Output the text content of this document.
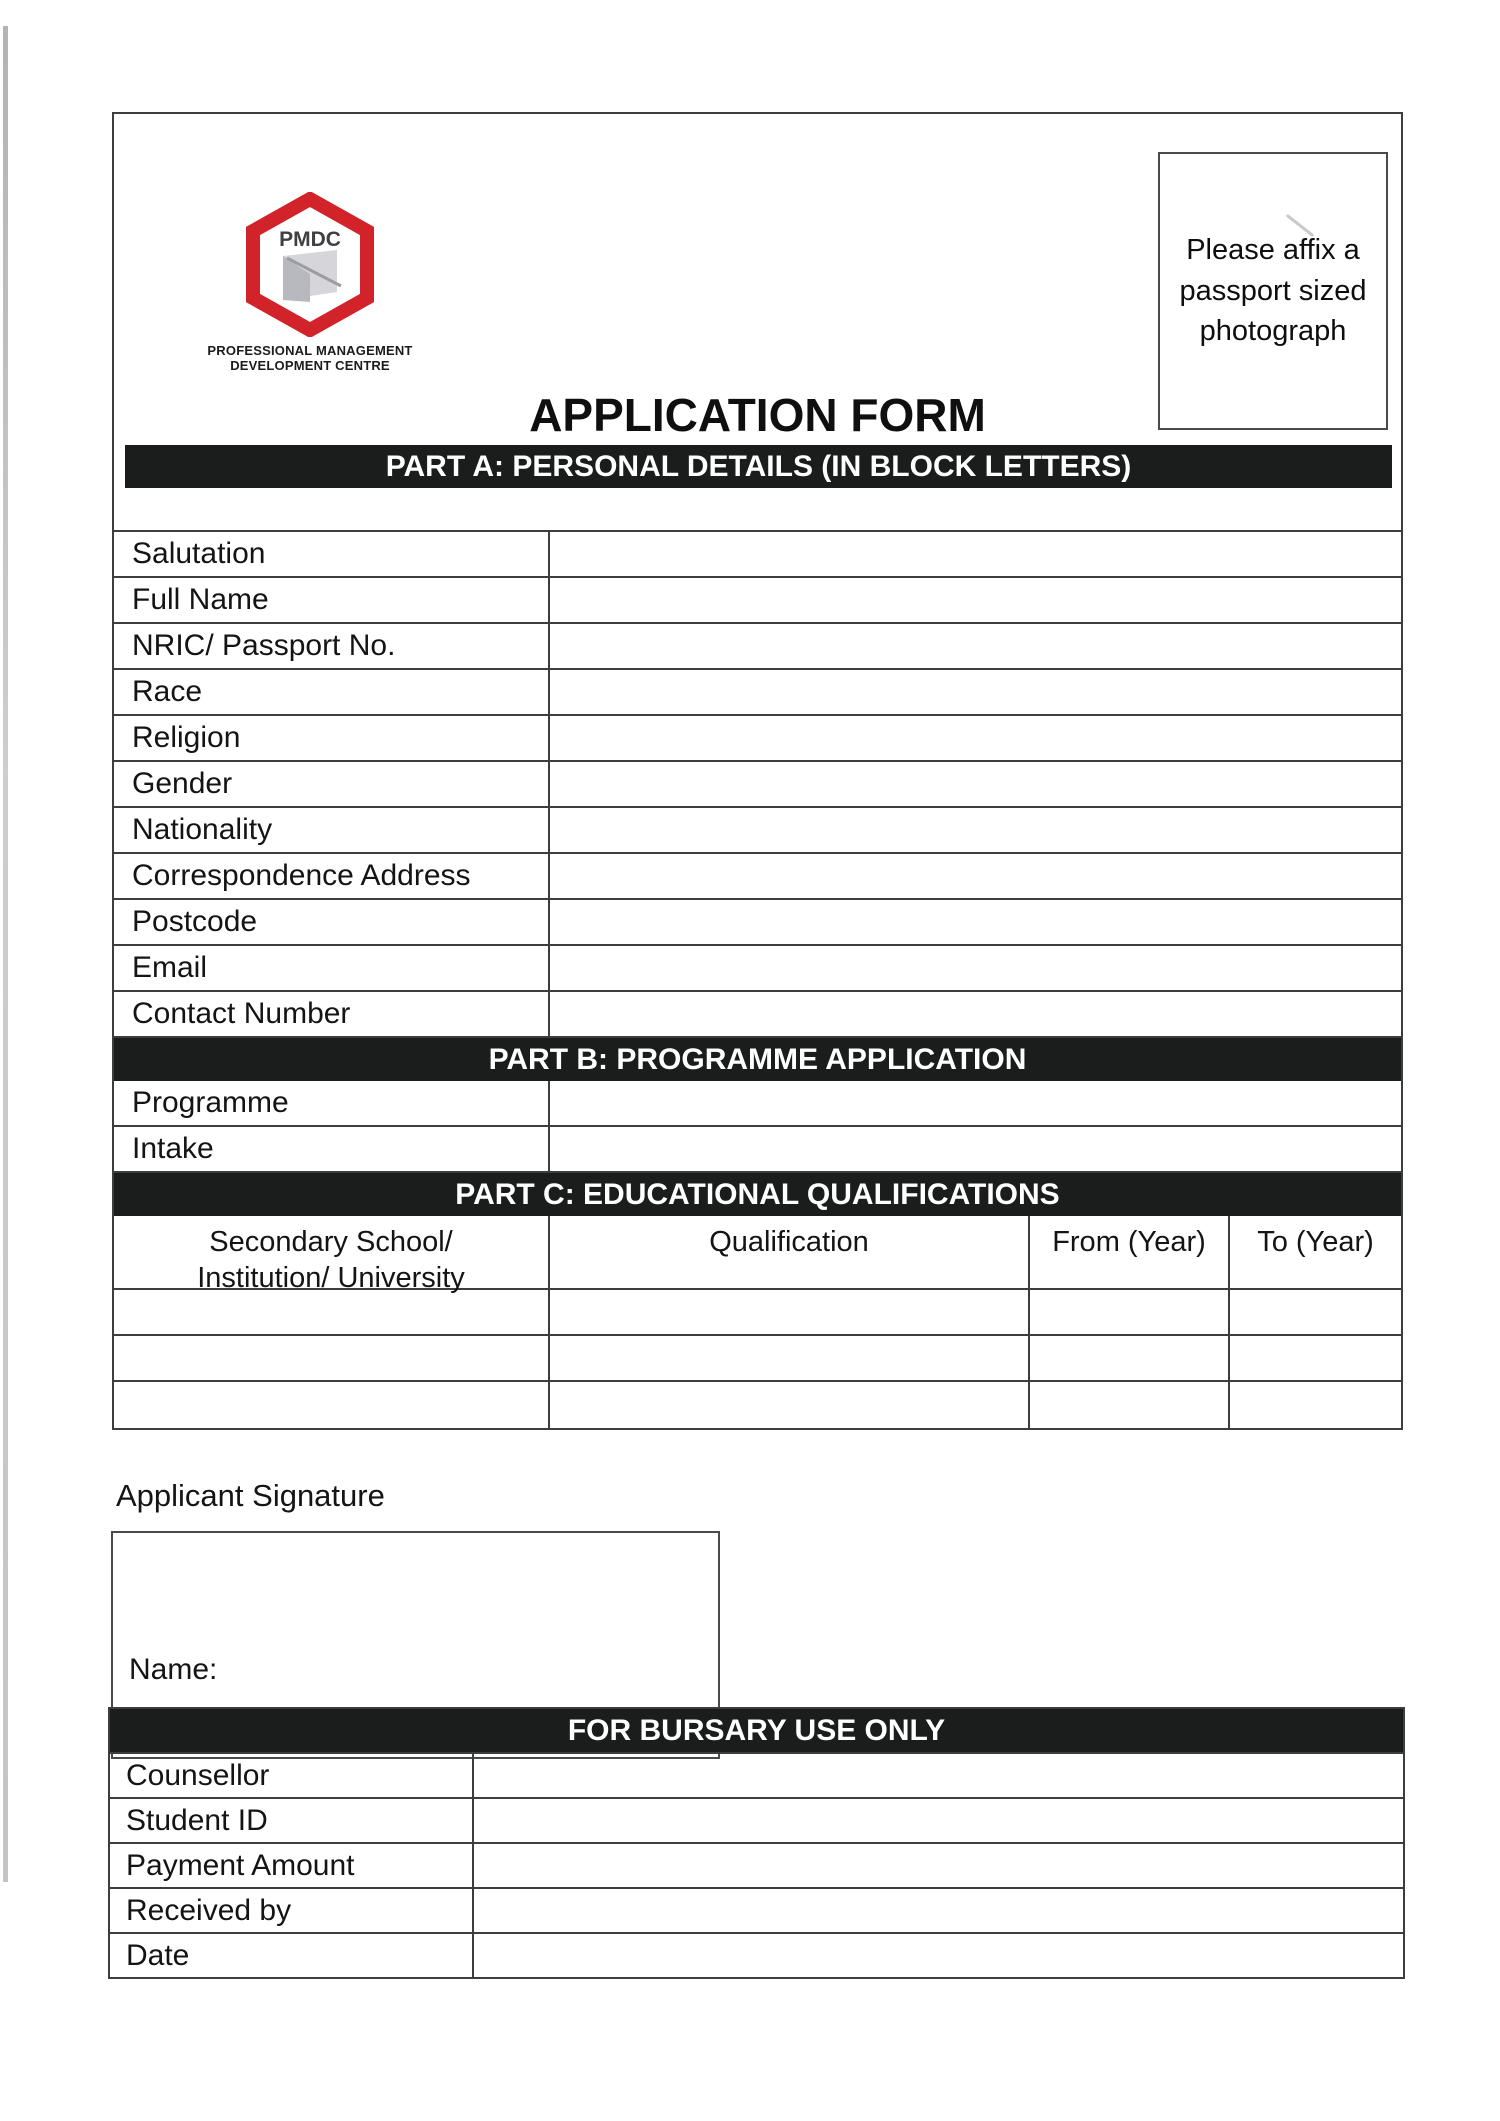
PMDC
PROFESSIONAL MANAGEMENT
DEVELOPMENT CENTRE
Please affix a passport sized photograph
APPLICATION FORM
PART A: PERSONAL DETAILS (IN BLOCK LETTERS)
Salutation
Full Name
NRIC/ Passport No.
Race
Religion
Gender
Nationality
Correspondence Address
Postcode
Email
Contact Number
PART B: PROGRAMME APPLICATION
Programme
Intake
PART C: EDUCATIONAL QUALIFICATIONS
Secondary School/
Institution/ University
Qualification	From (Year)	To (Year)
Applicant Signature
Name:
FOR BURSARY USE ONLY
Counsellor
Student ID
Payment Amount
Received by
Date
